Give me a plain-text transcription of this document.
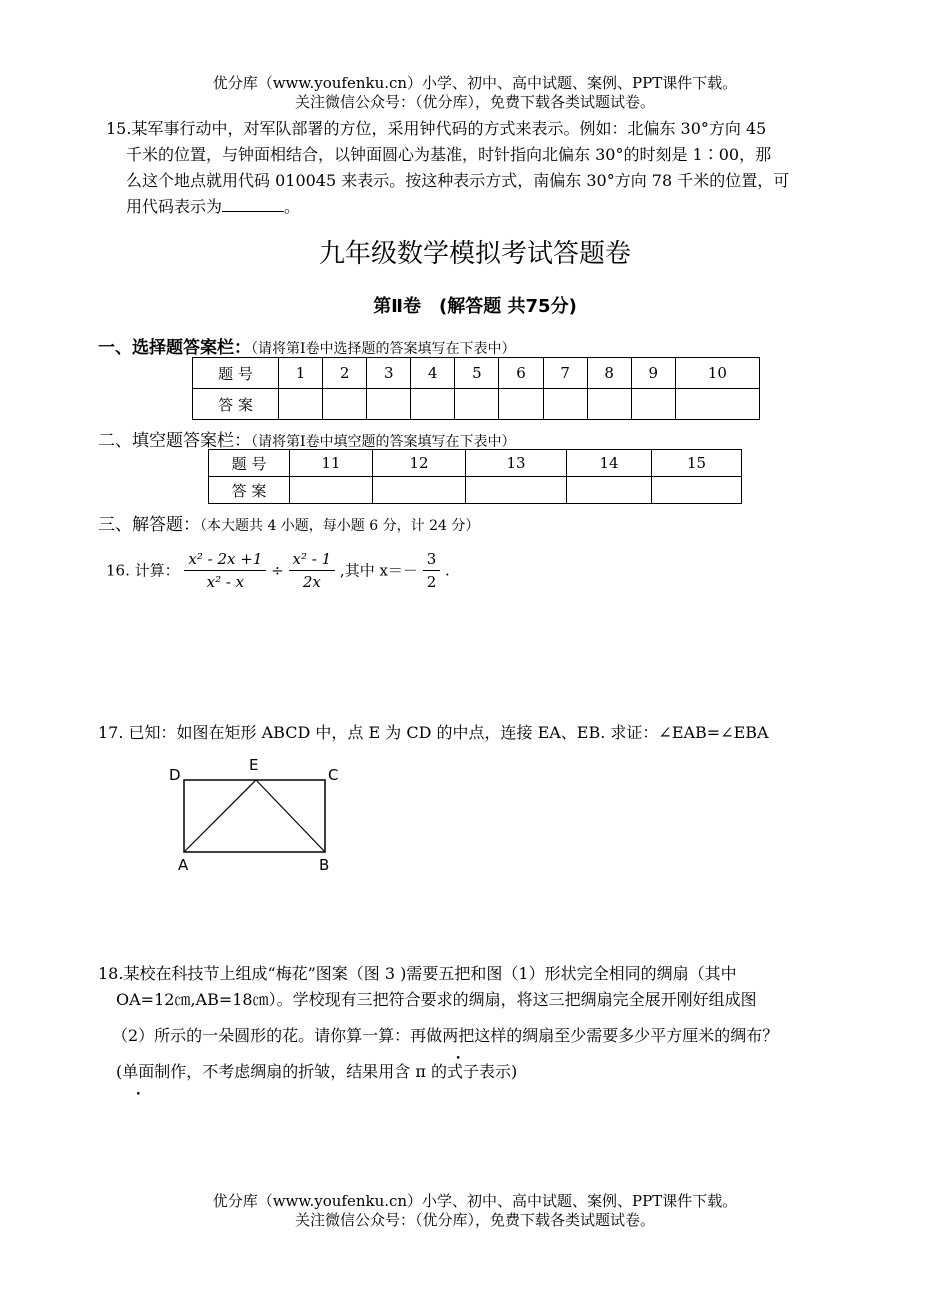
优分库（www.youfenku.cn）小学、初中、高中试题、案例、PPT课件下载。
关注微信公众号：（优分库），免费下载各类试题试卷。
15.某军事行动中，对军队部署的方位，采用钟代码的方式来表示。例如：北偏东 30°方向 45
千米的位置，与钟面相结合，以钟面圆心为基准，时针指向北偏东 30°的时刻是 1∶00，那
么这个地点就用代码 010045 来表示。按这种表示方式，南偏东 30°方向 78 千米的位置，可
用代码表示为	。
九年级数学模拟考试答题卷
第Ⅱ卷　(解答题 共75分)
一、选择题答案栏：（请将第Ⅰ卷中选择题的答案填写在下表中）
题 号	1	2	3	4	5	6	7	8	9	10
答 案										
二、填空题答案栏：（请将第Ⅰ卷中填空题的答案填写在下表中）
题 号	11	12	13	14	15
答 案					
三、解答题：（本大题共 4 小题，每小题 6 分，计 24 分）
16. 计算： $\frac{\text{x² - 2x +1}}{\text{x² - x}} \div \frac{\text{x² - 1}}{2x}$ ,其中 $x=- \frac{3}{2}$ .
17. 已知：如图在矩形 ABCD 中，点 E 为 CD 的中点，连接 EA、EB. 求证：∠EAB=∠EBA
D
E
C
A	B
18.某校在科技节上组成“梅花”图案（图 3 )需要五把和图（1）形状完全相同的绸扇（其中
OA=12㎝,AB=18㎝）。学校现有三把符合要求的绸扇，将这三把绸扇完全展开刚好组成图
（2）所示的一朵圆形的花。请你算一算：再做两把这样的绸扇至少需要多少平方厘米的绸布？
(单面制作，不考虑绸扇的折皱，结果用含 π 的式子表示)
优分库（www.youfenku.cn）小学、初中、高中试题、案例、PPT课件下载。
关注微信公众号：（优分库），免费下载各类试题试卷。
